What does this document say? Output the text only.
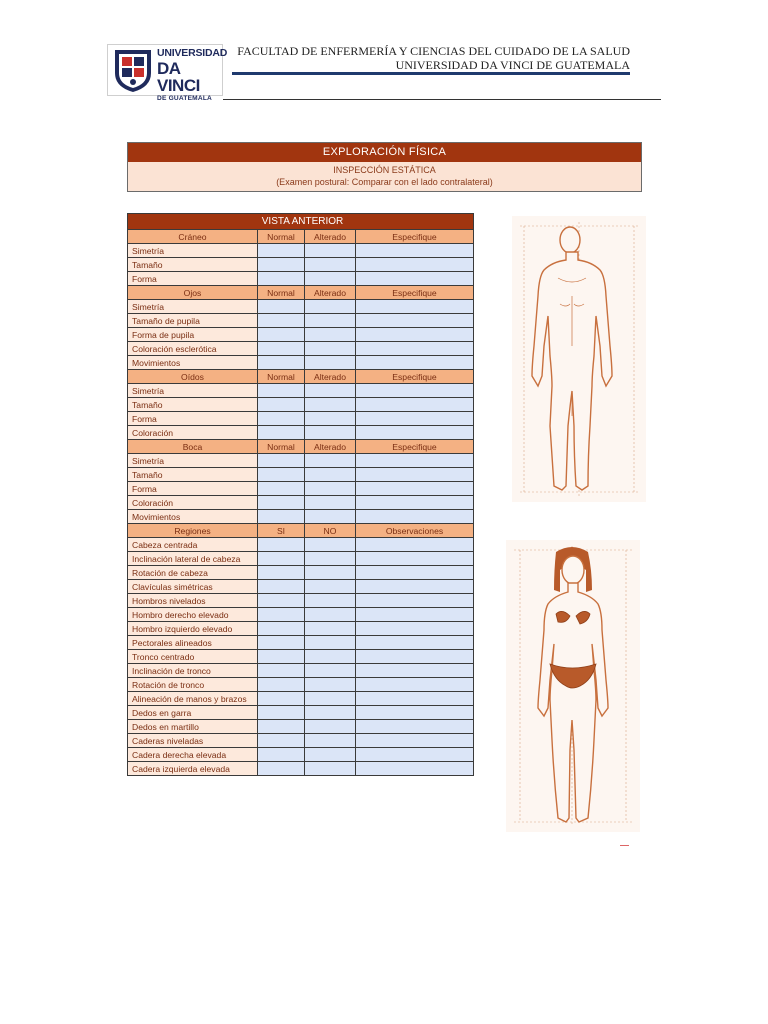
UNIVERSIDAD
DA VINCI
DE GUATEMALA
FACULTAD DE ENFERMERÍA Y CIENCIAS DEL CUIDADO DE LA SALUD
UNIVERSIDAD DA VINCI DE GUATEMALA
EXPLORACIÓN FÍSICA
INSPECCIÓN ESTÁTICA
(Examen postural: Comparar con el lado contralateral)
VISTA ANTERIOR			
Cráneo	Normal	Alterado	Especifique
Simetría			
Tamaño			
Forma			
Ojos	Normal	Alterado	Especifique
Simetría			
Tamaño de pupila			
Forma de pupila			
Coloración esclerótica			
Movimientos			
Oídos	Normal	Alterado	Especifique
Simetría			
Tamaño			
Forma			
Coloración			
Boca	Normal	Alterado	Especifique
Simetría			
Tamaño			
Forma			
Coloración			
Movimientos			
Regiones	SI	NO	Observaciones
Cabeza centrada			
Inclinación lateral de cabeza			
Rotación de cabeza			
Clavículas simétricas			
Hombros nivelados			
Hombro derecho elevado			
Hombro izquierdo elevado			
Pectorales alineados			
Tronco centrado			
Inclinación de tronco			
Rotación de tronco			
Alineación de manos y brazos			
Dedos en garra			
Dedos en martillo			
Caderas niveladas			
Cadera derecha elevada			
Cadera izquierda elevada			
